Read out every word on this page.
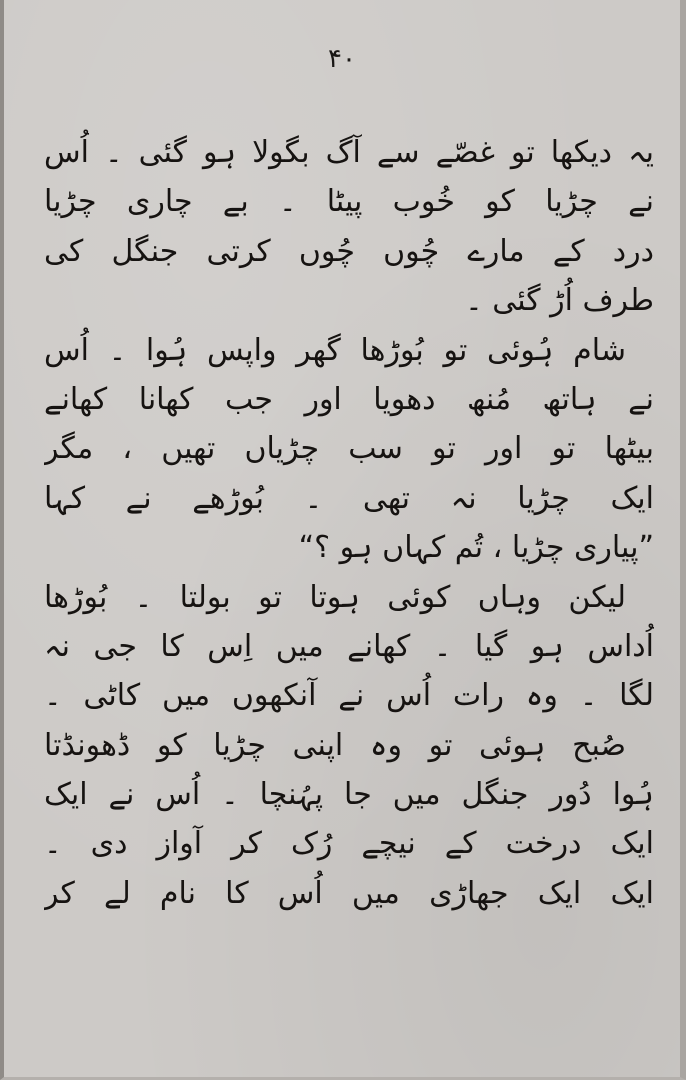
۴۰
یہ دیکھا تو غصّے سے آگ بگولا ہو گئی ۔ اُس
نے چڑیا کو خُوب پیٹا ۔ بے چاری چڑیا
درد کے مارے چُوں چُوں کرتی جنگل کی
طرف اُڑ گئی ۔
شام ہُوئی تو بُوڑھا گھر واپس ہُوا ۔ اُس
نے ہاتھ مُنھ دھویا اور جب کھانا کھانے
بیٹھا تو اور تو سب چڑیاں تھیں ، مگر
ایک چڑیا نہ تھی ۔ بُوڑھے نے کہا
”پیاری چڑیا ، تُم کہاں ہو ؟“
لیکن وہاں کوئی ہوتا تو بولتا ۔ بُوڑھا
اُداس ہو گیا ۔ کھانے میں اِس کا جی نہ
لگا ۔ وہ رات اُس نے آنکھوں میں کاٹی ۔
صُبح ہوئی تو وہ اپنی چڑیا کو ڈھونڈتا
ہُوا دُور جنگل میں جا پہُنچا ۔ اُس نے ایک
ایک درخت کے نیچے رُک کر آواز دی ۔
ایک ایک جھاڑی میں اُس کا نام لے کر
